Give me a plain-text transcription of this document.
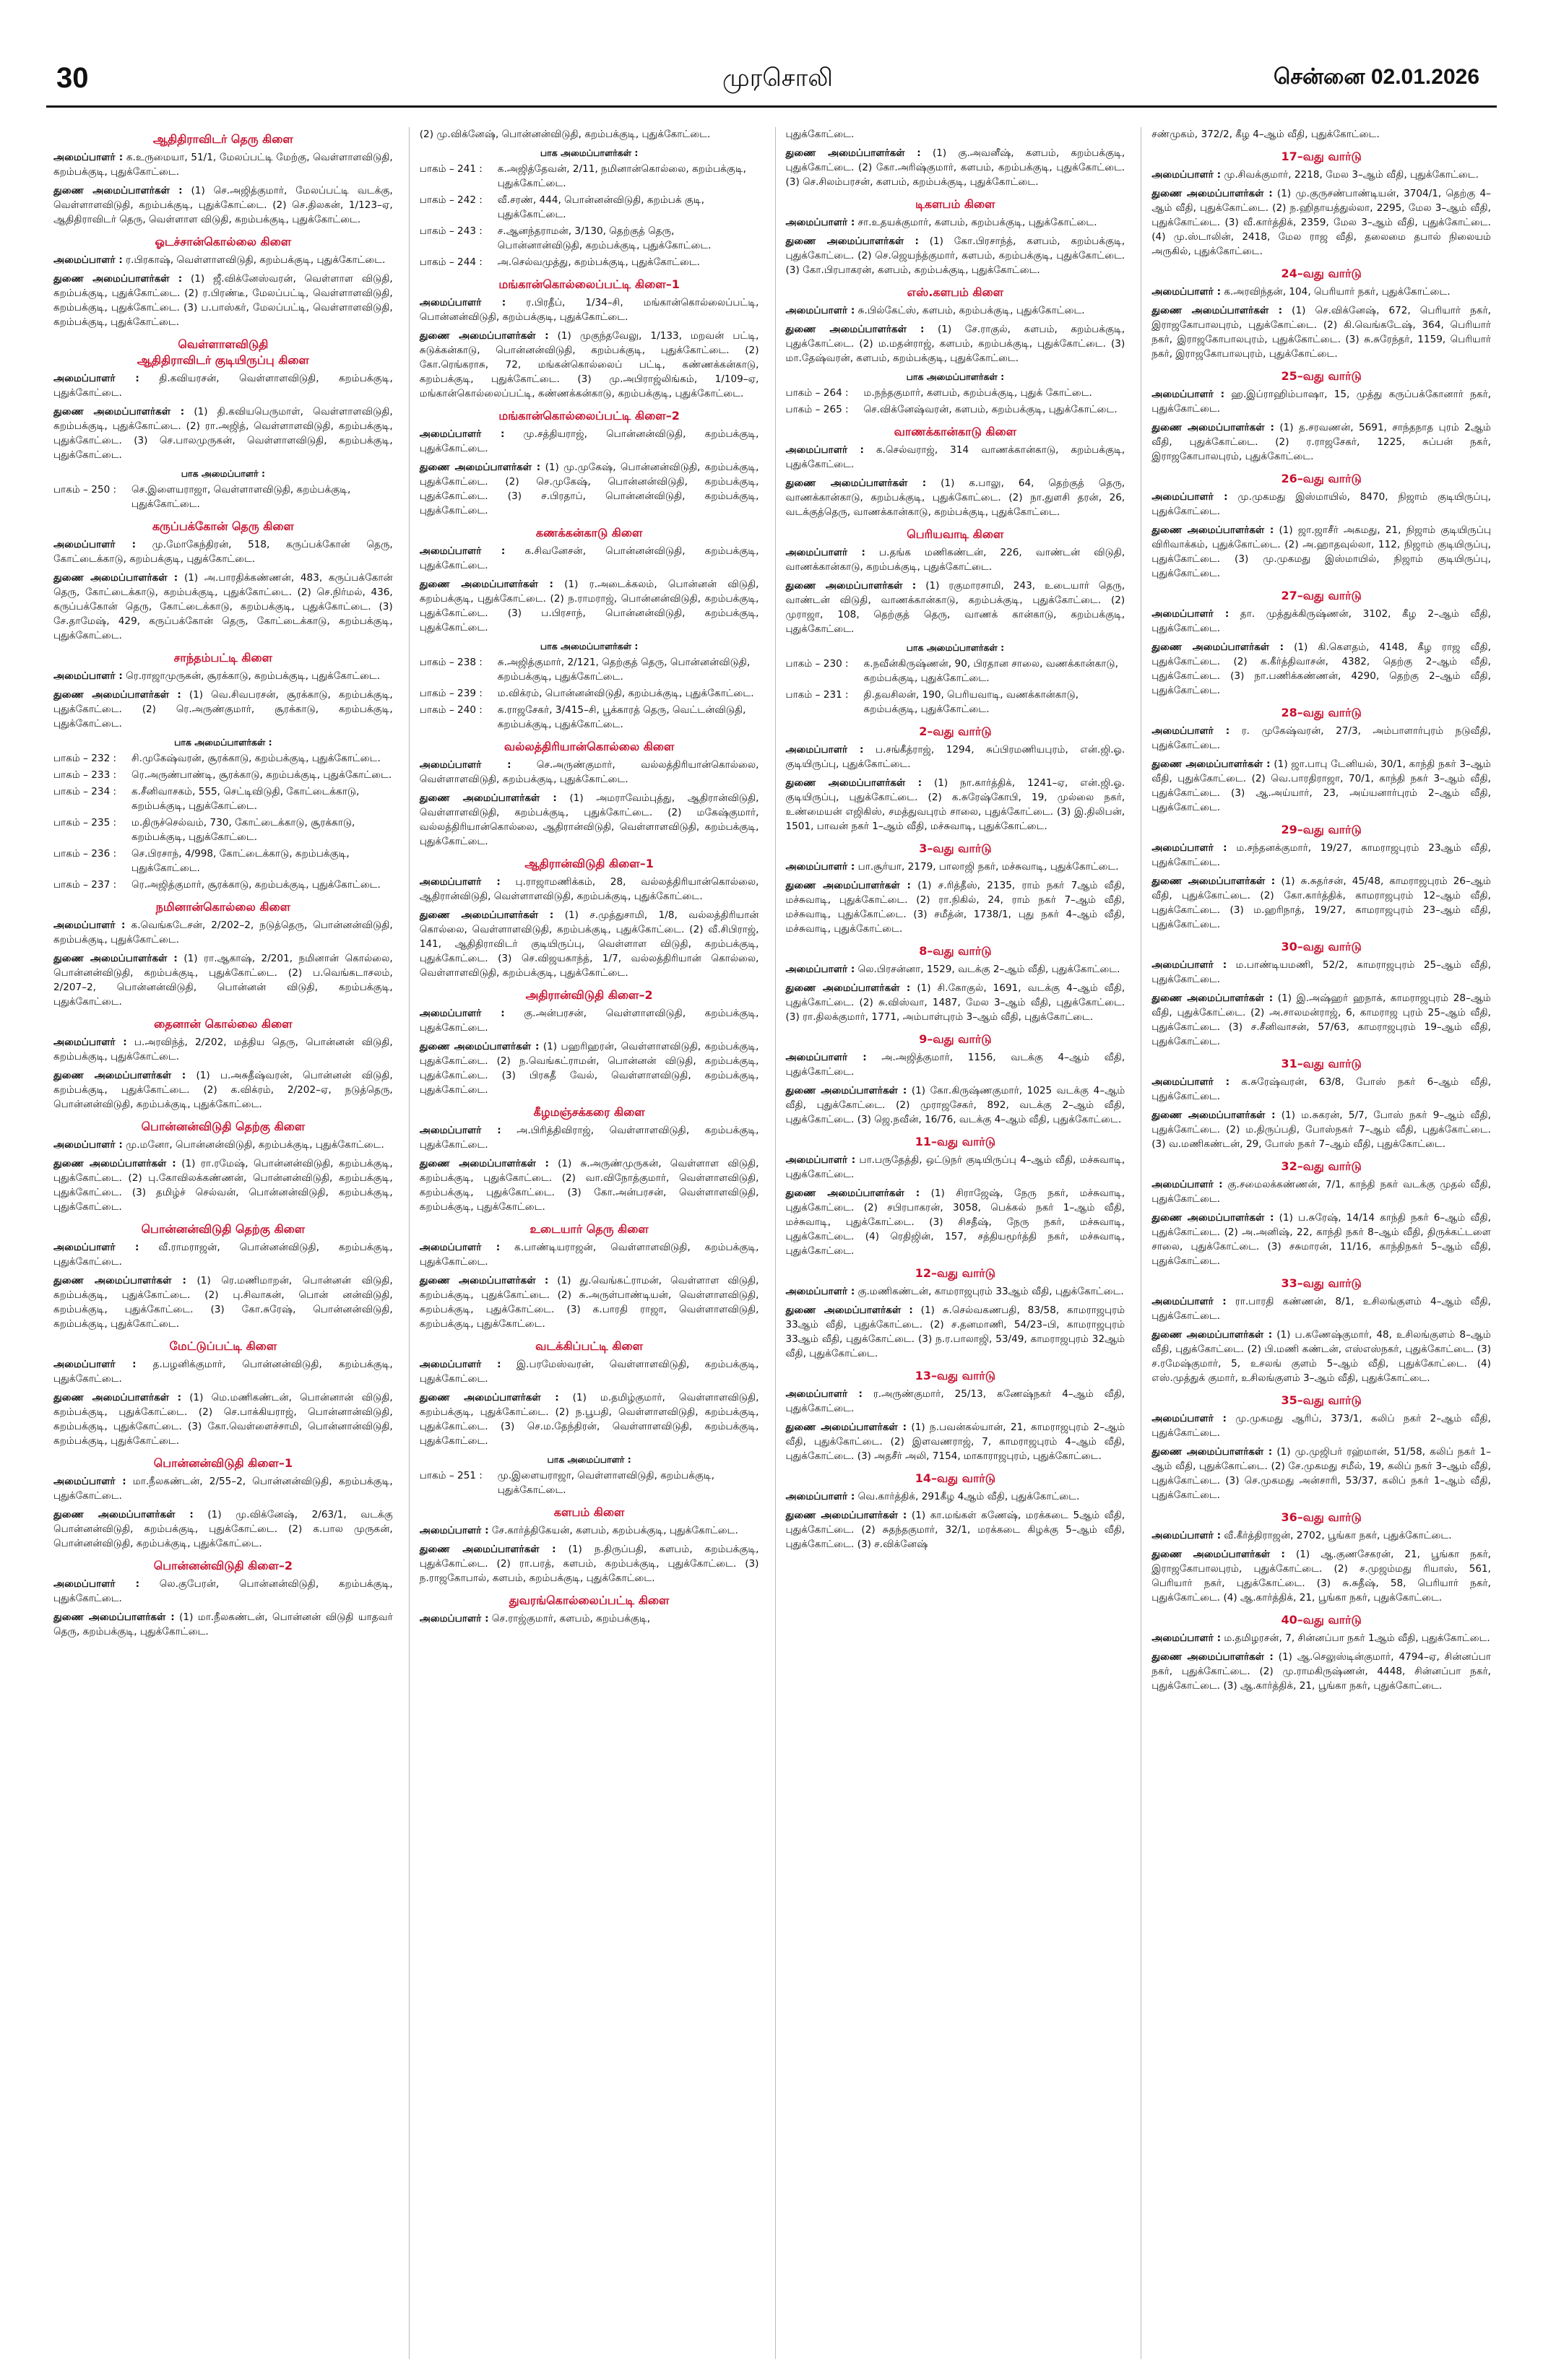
30	முரசொலி	சென்னை 02.01.2026
ஆதிதிராவிடர் தெரு கிளை
அமைப்பாளர் : க.உருமையா, 51/1, மேலப்பட்டி மேற்கு, வெள்ளாளவிடுதி, கறம்பக்குடி, புதுக்கோட்டை.
துணை அமைப்பாளர்கள் : (1) செ.அஜித்குமார், மேலப்பட்டி வடக்கு, வெள்ளாளவிடுதி, கறம்பக்குடி, புதுக்கோட்டை. (2) செ.திலகன், 1/123–ஏ, ஆதிதிராவிடர் தெரு, வெள்ளாள விடுதி, கறம்பக்குடி, புதுக்கோட்டை.
ஓடச்சான்கொல்லை கிளை
அமைப்பாளர் : ர.பிரகாஷ், வெள்ளாளவிடுதி, கறம்பக்குடி, புதுக்கோட்டை.
துணை அமைப்பாளர்கள் : (1) ஜீ.விக்னேஸ்வரன், வெள்ளாள விடுதி, கறம்பக்குடி, புதுக்கோட்டை. (2) ர.பிரண்டீ, மேலப்பட்டி, வெள்ளாளவிடுதி, கறம்பக்குடி, புதுக்கோட்டை. (3) ப.பாஸ்கர், மேலப்பட்டி, வெள்ளாளவிடுதி, கறம்பக்குடி, புதுக்கோட்டை.
வெள்ளாளவிடுதி
ஆதிதிராவிடர் குடியிருப்பு கிளை
அமைப்பாளர் : தி.கவியரசன், வெள்ளாளவிடுதி, கறம்பக்குடி, புதுக்கோட்டை.
துணை அமைப்பாளர்கள் : (1) தி.கவியபெருமாள், வெள்ளாளவிடுதி, கறம்பக்குடி, புதுக்கோட்டை. (2) ரா.அஜித், வெள்ளாளவிடுதி, கறம்பக்குடி, புதுக்கோட்டை. (3) செ.பாலமுருகன், வெள்ளாளவிடுதி, கறம்பக்குடி, புதுக்கோட்டை.
பாக அமைப்பாளர் :
பாகம் – 250 :	செ.இளையராஜா, வெள்ளாளவிடுதி, கறம்பக்குடி, புதுக்கோட்டை.
கருப்பக்கோன் தெரு கிளை
அமைப்பாளர் : மு.மோகேந்திரன், 518, கருப்பக்கோன் தெரு, கோட்டைக்காடு, கறம்பக்குடி, புதுக்கோட்டை.
துணை அமைப்பாளர்கள் : (1) அ.பாரதிக்கண்ணன், 483, கருப்பக்கோன் தெரு, கோட்டைக்காடு, கறம்பக்குடி, புதுக்கோட்டை. (2) செ.நிர்மல், 436, கருப்பக்கோன் தெரு, கோட்டைக்காடு, கறம்பக்குடி, புதுக்கோட்டை. (3) சே.தாமேஷ், 429, கருப்பக்கோன் தெரு, கோட்டைக்காடு, கறம்பக்குடி, புதுக்கோட்டை.
சாந்தம்பட்டி கிளை
அமைப்பாளர் : ரெ.ராஜாமுருகன், சூரக்காடு, கறம்பக்குடி, புதுக்கோட்டை.
துணை அமைப்பாளர்கள் : (1) வெ.சிவபரசன், சூரக்காடு, கறம்பக்குடி, புதுக்கோட்டை. (2) ரெ.அருண்குமார், சூரக்காடு, கறம்பக்குடி, புதுக்கோட்டை.
பாக அமைப்பாளர்கள் :
பாகம் – 232 :	சி.முகேஷ்வரன், சூரக்காடு, கறம்பக்குடி, புதுக்கோட்டை.
பாகம் – 233 :	ரெ.அருண்பாண்டி, சூரக்காடு, கறம்பக்குடி, புதுக்கோட்டை.
பாகம் – 234 :	க.சீனிவாசகம், 555, செட்டிவிடுதி, கோட்டைக்காடு, கறம்பக்குடி, புதுக்கோட்டை.
பாகம் – 235 :	ம.திருச்செல்வம், 730, கோட்டைக்காடு, சூரக்காடு, கறம்பக்குடி, புதுக்கோட்டை.
பாகம் – 236 :	செ.பிரசாந், 4/998, கோட்டைக்காடு, கறம்பக்குடி, புதுக்கோட்டை.
பாகம் – 237 :	ரெ.அஜித்குமார், சூரக்காடு, கறம்பக்குடி, புதுக்கோட்டை.
நமினான்கொல்லை கிளை
அமைப்பாளர் : க.வெங்கடேசன், 2/202–2, நடுத்தெரு, பொன்னன்விடுதி, கறம்பக்குடி, புதுக்கோட்டை.
துணை அமைப்பாளர்கள் : (1) ரா.ஆகாஷ், 2/201, நமினான் கொல்லை, பொன்னன்விடுதி, கறம்பக்குடி, புதுக்கோட்டை. (2) ப.வெங்கடாசலம், 2/207–2, பொன்னன்விடுதி, பொன்னன் விடுதி, கறம்பக்குடி, புதுக்கோட்டை.
தைனான் கொல்லை கிளை
அமைப்பாளர் : ப.அரவிந்த், 2/202, மத்திய தெரு, பொன்னன் விடுதி, கறம்பக்குடி, புதுக்கோட்டை.
துணை அமைப்பாளர்கள் : (1) ப.அசுதீஷ்வரன், பொன்னன் விடுதி, கறம்பக்குடி, புதுக்கோட்டை. (2) க.விக்ரம், 2/202–ஏ, நடுத்தெரு, பொன்னன்விடுதி, கறம்பக்குடி, புதுக்கோட்டை.
பொன்னன்விடுதி தெற்கு கிளை
அமைப்பாளர் : மு.மனோ, பொன்னன்விடுதி, கறம்பக்குடி, புதுக்கோட்டை.
துணை அமைப்பாளர்கள் : (1) ரா.ரமேஷ், பொன்னன்விடுதி, கறம்பக்குடி, புதுக்கோட்டை. (2) பு.கோவிலக்கண்ணன், பொன்னன்விடுதி, கறம்பக்குடி, புதுக்கோட்டை. (3) தமிழ்ச் செல்வன், பொன்னன்விடுதி, கறம்பக்குடி, புதுக்கோட்டை.
பொன்னன்விடுதி தெற்கு கிளை
அமைப்பாளர் : வீ.ராமராஜன், பொன்னன்விடுதி, கறம்பக்குடி, புதுக்கோட்டை.
துணை அமைப்பாளர்கள் : (1) ரெ.மணிமாறன், பொன்னன் விடுதி, கறம்பக்குடி, புதுக்கோட்டை. (2) பு.சிவாகன், பொன் னன்விடுதி, கறம்பக்குடி, புதுக்கோட்டை. (3) கோ.சுரேஷ், பொன்னன்விடுதி, கறம்பக்குடி, புதுக்கோட்டை.
மேட்டுப்பட்டி கிளை
அமைப்பாளர் : த.பழனிக்குமார், பொன்னன்விடுதி, கறம்பக்குடி, புதுக்கோட்டை.
துணை அமைப்பாளர்கள் : (1) மெ.மணிகண்டன், பொன்னான் விடுதி, கறம்பக்குடி, புதுக்கோட்டை. (2) செ.பாக்கியராஜ், பொன்னான்விடுதி, கறம்பக்குடி, புதுக்கோட்டை. (3) கோ.வெள்ளைச்சாமி, பொன்னான்விடுதி, கறம்பக்குடி, புதுக்கோட்டை.
பொன்னன்விடுதி கிளை–1
அமைப்பாளர் : மா.நீலகண்டன், 2/55–2, பொன்னன்விடுதி, கறம்பக்குடி, புதுக்கோட்டை.
துணை அமைப்பாளர்கள் : (1) மு.விக்னேஷ், 2/63/1, வடக்கு பொன்னன்விடுதி, கறம்பக்குடி, புதுக்கோட்டை. (2) க.பால முருகன், பொன்னன்விடுதி, கறம்பக்குடி, புதுக்கோட்டை.
பொன்னன்விடுதி கிளை–2
அமைப்பாளர் : லெ.குபேரன், பொன்னன்விடுதி, கறம்பக்குடி, புதுக்கோட்டை.
துணை அமைப்பாளர்கள் : (1) மா.நீலகண்டன், பொன்னன் விடுதி யாதவர் தெரு, கறம்பக்குடி, புதுக்கோட்டை.
(2) மு.விக்னேஷ், பொன்னன்விடுதி, கறம்பக்குடி, புதுக்கோட்டை.
பாக அமைப்பாளர்கள் :
பாகம் – 241 :	க.அஜித்தேவன், 2/11, நமினான்கொல்லை, கறம்பக்குடி, புதுக்கோட்டை.
பாகம் – 242 :	வீ.சரண், 444, பொன்னன்விடுதி, கறம்பக் குடி, புதுக்கோட்டை.
பாகம் – 243 :	ச.ஆனந்தராமன், 3/130, தெற்குத் தெரு, பொன்னான்விடுதி, கறம்பக்குடி, புதுக்கோட்டை.
பாகம் – 244 :	அ.செல்வமுத்து, கறம்பக்குடி, புதுக்கோட்டை.
மங்கான்கொல்லைப்பட்டி கிளை–1
அமைப்பாளர் : ர.பிரதீப், 1/34–சி, மங்கான்கொல்லைப்பட்டி, பொன்னன்விடுதி, கறம்பக்குடி, புதுக்கோட்டை.
துணை அமைப்பாளர்கள் : (1) முகுந்தவேலு, 1/133, மறவன் பட்டி, சுடுக்கன்காடு, பொன்னன்விடுதி, கறம்பக்குடி, புதுக்கோட்டை. (2) கோ.ரெங்கராசு, 72, மங்கன்கொல்லைப் பட்டி, கண்ணக்கன்காடு, கறம்பக்குடி, புதுக்கோட்டை. (3) மு.அபிராஜ்லிங்கம், 1/109–ஏ, மங்கான்கொல்லைப்பட்டி, கண்ணக்கன்காடு, கறம்பக்குடி, புதுக்கோட்டை.
மங்கான்கொல்லைப்பட்டி கிளை–2
அமைப்பாளர் : மு.சத்தியராஜ், பொன்னன்விடுதி, கறம்பக்குடி, புதுக்கோட்டை.
துணை அமைப்பாளர்கள் : (1) மு.முகேஷ், பொன்னன்விடுதி, கறம்பக்குடி, புதுக்கோட்டை. (2) செ.முகேஷ், பொன்னன்விடுதி, கறம்பக்குடி, புதுக்கோட்டை. (3) ச.பிரதாப், பொன்னன்விடுதி, கறம்பக்குடி, புதுக்கோட்டை.
கணக்கன்காடு கிளை
அமைப்பாளர் : க.சிவனேசன், பொன்னன்விடுதி, கறம்பக்குடி, புதுக்கோட்டை.
துணை அமைப்பாளர்கள் : (1) ர.அடைக்கலம், பொன்னன் விடுதி, கறம்பக்குடி, புதுக்கோட்டை. (2) ந.ராமராஜ், பொன்னன்விடுதி, கறம்பக்குடி, புதுக்கோட்டை. (3) ப.பிரசாந், பொன்னன்விடுதி, கறம்பக்குடி, புதுக்கோட்டை.
பாக அமைப்பாளர்கள் :
பாகம் – 238 :	சு.அஜித்குமார், 2/121, தெற்குத் தெரு, பொன்னன்விடுதி, கறம்பக்குடி, புதுக்கோட்டை.
பாகம் – 239 :	ம.விக்ரம், பொன்னன்விடுதி, கறம்பக்குடி, புதுக்கோட்டை.
பாகம் – 240 :	க.ராஜசேகர், 3/415–சி, பூக்காரத் தெரு, வெட்டன்விடுதி, கறம்பக்குடி, புதுக்கோட்டை.
வல்லத்திரியான்கொல்லை கிளை
அமைப்பாளர் :	செ.அருண்குமார், வல்லத்திரியான்கொல்லை, வெள்ளாளவிடுதி, கறம்பக்குடி, புதுக்கோட்டை.
துணை அமைப்பாளர்கள் : (1) அமராவேம்புத்து, ஆதிரான்விடுதி, வெள்ளாளவிடுதி, கறம்பக்குடி, புதுக்கோட்டை. (2) மகேஷ்குமார், வல்லத்திரியான்கொல்லை, ஆதிரான்விடுதி, வெள்ளாளவிடுதி, கறம்பக்குடி, புதுக்கோட்டை.
ஆதிரான்விடுதி கிளை–1
அமைப்பாளர் : பு.ராஜாமணிக்கம், 28, வல்லத்திரியான்கொல்லை, ஆதிரான்விடுதி, வெள்ளாளவிடுதி, கறம்பக்குடி, புதுக்கோட்டை.
துணை அமைப்பாளர்கள் : (1) ச.முத்துசாமி, 1/8, வல்லத்திரியான் கொல்லை, வெள்ளாளவிடுதி, கறம்பக்குடி, புதுக்கோட்டை. (2) வீ.சிபிராஜ், 141, ஆதிதிராவிடர் குடியிருப்பு, வெள்ளாள விடுதி, கறம்பக்குடி, புதுக்கோட்டை. (3) செ.விஜயகாந்த், 1/7, வல்லத்திரியான் கொல்லை, வெள்ளாளவிடுதி, கறம்பக்குடி, புதுக்கோட்டை.
அதிரான்விடுதி கிளை–2
அமைப்பாளர் : கு.அன்பரசன், வெள்ளாளவிடுதி, கறம்பக்குடி, புதுக்கோட்டை.
துணை அமைப்பாளர்கள் : (1) பஹரிஹரன், வெள்ளாளவிடுதி, கறம்பக்குடி, புதுக்கோட்டை. (2) ந.வெங்கட்ராமன், பொன்னன் விடுதி, கறம்பக்குடி, புதுக்கோட்டை. (3) பிரகதீ வேல், வெள்ளாளவிடுதி, கறம்பக்குடி, புதுக்கோட்டை.
கீழமஞ்சக்கரை கிளை
அமைப்பாளர் : அ.பிரித்திவிராஜ், வெள்ளாளவிடுதி, கறம்பக்குடி, புதுக்கோட்டை.
துணை அமைப்பாளர்கள் : (1) சு.அருண்முருகன், வெள்ளாள விடுதி, கறம்பக்குடி, புதுக்கோட்டை. (2) வா.விநோத்குமார், வெள்ளாளவிடுதி, கறம்பக்குடி, புதுக்கோட்டை. (3) கோ.அன்பரசன், வெள்ளாளவிடுதி, கறம்பக்குடி, புதுக்கோட்டை.
உடையார் தெரு கிளை
அமைப்பாளர் : க.பாண்டியராஜன், வெள்ளாளவிடுதி, கறம்பக்குடி, புதுக்கோட்டை.
துணை அமைப்பாளர்கள் : (1) து.வெங்கட்ராமன், வெள்ளாள விடுதி, கறம்பக்குடி, புதுக்கோட்டை. (2) சு.அருள்பாண்டியன், வெள்ளாளவிடுதி, கறம்பக்குடி, புதுக்கோட்டை. (3) க.பாரதி ராஜா, வெள்ளாளவிடுதி, கறம்பக்குடி, புதுக்கோட்டை.
வடக்கிப்பட்டி கிளை
அமைப்பாளர் : இ.பரமேஸ்வரன், வெள்ளாளவிடுதி, கறம்பக்குடி, புதுக்கோட்டை.
துணை அமைப்பாளர்கள் : (1) ம.தமிழ்குமார், வெள்ளாளவிடுதி, கறம்பக்குடி, புதுக்கோட்டை. (2) ந.பூபதி, வெள்ளாளவிடுதி, கறம்பக்குடி, புதுக்கோட்டை. (3) செ.ம.தேந்திரன், வெள்ளாளவிடுதி, கறம்பக்குடி, புதுக்கோட்டை.
பாக அமைப்பாளர் :
பாகம் – 251 :	மு.இளையராஜா, வெள்ளாளவிடுதி, கறம்பக்குடி, புதுக்கோட்டை.
களபம் கிளை
அமைப்பாளர் : சே.கார்த்திகேயன், களபம், கறம்பக்குடி, புதுக்கோட்டை.
துணை அமைப்பாளர்கள் : (1) ந.திருப்பதி, களபம், கறம்பக்குடி, புதுக்கோட்டை. (2) ரா.பரத், களபம், கறம்பக்குடி, புதுக்கோட்டை. (3) ந.ராஜகோபால், களபம், கறம்பக்குடி, புதுக்கோட்டை.
துவரங்கொல்லைப்பட்டி கிளை
அமைப்பாளர் : செ.ராஜ்குமார், களபம், கறம்பக்குடி,
புதுக்கோட்டை.
துணை அமைப்பாளர்கள் : (1) கு.அவனீஷ், களபம், கறம்பக்குடி, புதுக்கோட்டை. (2) கோ.அரிஷ்குமார், களபம், கறம்பக்குடி, புதுக்கோட்டை. (3) செ.சிலம்பரசன், களபம், கறம்பக்குடி, புதுக்கோட்டை.
டிகளபம் கிளை
அமைப்பாளர் : சா.உதயக்குமார், களபம், கறம்பக்குடி, புதுக்கோட்டை.
துணை அமைப்பாளர்கள் : (1) கோ.பிரசாந்த், களபம், கறம்பக்குடி, புதுக்கோட்டை. (2) செ.ஜெயந்த்குமார், களபம், கறம்பக்குடி, புதுக்கோட்டை. (3) கோ.பிரபாகரன், களபம், கறம்பக்குடி, புதுக்கோட்டை.
எஸ்.களபம் கிளை
அமைப்பாளர் : சு.பில்கேட்ஸ், களபம், கறம்பக்குடி, புதுக்கோட்டை.
துணை அமைப்பாளர்கள் : (1) சே.ராகுல், களபம், கறம்பக்குடி, புதுக்கோட்டை. (2) ம.மதன்ராஜ், களபம், கறம்பக்குடி, புதுக்கோட்டை. (3) மா.தேஷ்வரன், களபம், கறம்பக்குடி, புதுக்கோட்டை.
பாக அமைப்பாளர்கள் :
பாகம் – 264 :	ம.நந்தகுமார், களபம், கறம்பக்குடி, புதுக் கோட்டை.
பாகம் – 265 :	செ.விக்னேஷ்வரன், களபம், கறம்பக்குடி, புதுக்கோட்டை.
வாணக்கான்காடு கிளை
அமைப்பாளர் : க.செல்வராஜ், 314 வாணக்கான்காடு, கறம்பக்குடி, புதுக்கோட்டை.
துணை அமைப்பாளர்கள் : (1) க.பாலு, 64, தெற்குத் தெரு, வாணக்கான்காடு, கறம்பக்குடி, புதுக்கோட்டை. (2) நா.துளசி தரன், 26, வடக்குத்தெரு, வாணக்கான்காடு, கறம்பக்குடி, புதுக்கோட்டை.
பெரியவாடி கிளை
அமைப்பாளர் : ப.தங்க மணிகண்டன், 226, வாண்டன் விடுதி, வாணக்கான்காடு, கறம்பக்குடி, புதுக்கோட்டை.
துணை அமைப்பாளர்கள் : (1) ரகுமாரசாமி, 243, உடையார் தெரு, வாண்டன் விடுதி, வாணக்கான்காடு, கறம்பக்குடி, புதுக்கோட்டை. (2) முராஜா, 108, தெற்குத் தெரு, வாணக் கான்காடு, கறம்பக்குடி, புதுக்கோட்டை.
பாக அமைப்பாளர்கள் :
பாகம் – 230 :	க.நவீன்கிருஷ்ணன், 90, பிரதான சாலை, வணக்கான்காடு, கறம்பக்குடி, புதுக்கோட்டை.
பாகம் – 231 :	தி.தவசிலன், 190, பெரியவாடி, வணக்கான்காடு, கறம்பக்குடி, புதுக்கோட்டை.
2–வது வார்டு
அமைப்பாளர் : ப.சங்கீத்ராஜ், 1294, சுப்பிரமணியபுரம், என்.ஜி.ஓ. குடியிருப்பு, புதுக்கோட்டை.
துணை அமைப்பாளர்கள் : (1) நா.கார்த்திக், 1241–ஏ, என்.ஜி.ஓ. குடியிருப்பு, புதுக்கோட்டை. (2) க.சுரேஷ்கோபி, 19, முல்லை நகர், உண்மையன் எஜிகிஸ், சமத்துவபுரம் சாலை, புதுக்கோட்டை. (3) இ.திலிபன், 1501, பாவன் நகர் 1–ஆம் வீதி, மச்சுவாடி, புதுக்கோட்டை.
3–வது வார்டு
அமைப்பாளர் : பா.சூர்யா, 2179, பாலாஜி நகர், மச்சுவாடி, புதுக்கோட்டை.
துணை அமைப்பாளர்கள் : (1) ச.ரித்தீஸ், 2135, ராம் நகர் 7ஆம் வீதி, மச்சுவாடி, புதுக்கோட்டை. (2) ரா.நிகில், 24, ராம் நகர் 7–ஆம் வீதி, மச்சுவாடி, புதுக்கோட்டை. (3) சமீத்ன், 1738/1, புது நகர் 4–ஆம் வீதி, மச்சுவாடி, புதுக்கோட்டை.
8–வது வார்டு
அமைப்பாளர் : லெ.பிரசன்னா, 1529, வடக்கு 2–ஆம் வீதி, புதுக்கோட்டை.
துணை அமைப்பாளர்கள் : (1) சி.கோகுல், 1691, வடக்கு 4–ஆம் வீதி, புதுக்கோட்டை. (2) சு.விஸ்வா, 1487, மேல 3–ஆம் வீதி, புதுக்கோட்டை. (3) ரா.திலக்குமார், 1771, அம்பாள்புரம் 3–ஆம் வீதி, புதுக்கோட்டை.
9–வது வார்டு
அமைப்பாளர் : அ.அஜித்குமார், 1156, வடக்கு 4–ஆம் வீதி, புதுக்கோட்டை.
துணை அமைப்பாளர்கள் : (1) கோ.கிருஷ்ணகுமார், 1025 வடக்கு 4–ஆம் வீதி, புதுக்கோட்டை. (2) முராஜசேகர், 892, வடக்கு 2–ஆம் வீதி, புதுக்கோட்டை. (3) ஜெ.நவீன், 16/76, வடக்கு 4–ஆம் வீதி, புதுக்கோட்டை.
11–வது வார்டு
அமைப்பாளர் : பா.பருதேத்தி, ஒட்டுநர் குடியிருப்பு 4–ஆம் வீதி, மச்சுவாடி, புதுக்கோட்டை.
துணை அமைப்பாளர்கள் : (1) சிராஜேஷ், நேரு நகர், மச்சுவாடி, புதுக்கோட்டை. (2) சபிரபாகரன், 3058, பெக்கல் நகர் 1–ஆம் வீதி, மச்சுவாடி, புதுக்கோட்டை. (3) சிசதீஷ், நேரு நகர், மச்சுவாடி, புதுக்கோட்டை. (4) ரெதிஜின், 157, சத்தியமூர்த்தி நகர், மச்சுவாடி, புதுக்கோட்டை.
12–வது வார்டு
அமைப்பாளர் : கு.மணிகண்டன், காமராஜபுரம் 33ஆம் வீதி, புதுக்கோட்டை.
துணை அமைப்பாளர்கள் : (1) சு.செல்வகணபதி, 83/58, காமராஜபுரம் 33ஆம் வீதி, புதுக்கோட்டை. (2) ச.தனமாணி, 54/23–பி, காமராஜபுரம் 33ஆம் வீதி, புதுக்கோட்டை. (3) ந.ர.பாலாஜி, 53/49, காமராஜபுரம் 32ஆம் வீதி, புதுக்கோட்டை.
13–வது வார்டு
அமைப்பாளர் : ர.அருண்குமார், 25/13, கணேஷ்நகர் 4–ஆம் வீதி, புதுக்கோட்டை.
துணை அமைப்பாளர்கள் : (1) ந.பவன்கல்யான், 21, காமராஜபுரம் 2–ஆம் வீதி, புதுக்கோட்டை. (2) இளவணராஜ், 7, காமராஜபுரம் 4–ஆம் வீதி, புதுக்கோட்டை. (3) அதசீர் அலி, 7154, மாகாராஜபுரம், புதுக்கோட்டை.
14–வது வார்டு
அமைப்பாளர் : வெ.கார்த்திக், 291கீழ 4ஆம் வீதி, புதுக்கோட்டை.
துணை அமைப்பாளர்கள் : (1) கா.மங்கள் கணேஷ், மரக்கடை 5ஆம் வீதி, புதுக்கோட்டை. (2) சுதந்தகுமார், 32/1, மரக்கடை கிழக்கு 5–ஆம் வீதி, புதுக்கோட்டை. (3) ச.விக்னேஷ்
சண்முகம், 372/2, கீழ 4–ஆம் வீதி, புதுக்கோட்டை.
17–வது வார்டு
அமைப்பாளர் : மு.சிவக்குமார், 2218, மேல 3–ஆம் வீதி, புதுக்கோட்டை.
துணை அமைப்பாளர்கள் : (1) மு.குருசண்பாண்டியன், 3704/1, தெற்கு 4–ஆம் வீதி, புதுக்கோட்டை. (2) ந.ஹிதாயத்துல்லா, 2295, மேல 3–ஆம் வீதி, புதுக்கோட்டை. (3) வீ.கார்த்திக், 2359, மேல 3–ஆம் வீதி, புதுக்கோட்டை. (4) மு.ஸ்டாலின், 2418, மேல ராஜ வீதி, தலைமை தபால் நிலையம் அருகில், புதுக்கோட்டை.
24–வது வார்டு
அமைப்பாளர் : க.அரவிந்தன், 104, பெரியார் நகர், புதுக்கோட்டை.
துணை அமைப்பாளர்கள் : (1) செ.விக்னேஷ், 672, பெரியார் நகர், இராஜகோபாலபுரம், புதுக்கோட்டை. (2) கி.வெங்கடேஷ், 364, பெரியார் நகர், இராஜகோபாலபுரம், புதுக்கோட்டை. (3) சு.சுரேந்தர், 1159, பெரியார் நகர், இராஜகோபாலபுரம், புதுக்கோட்டை.
25–வது வார்டு
அமைப்பாளர் : ஹ.இப்ராஹிம்பாஷா, 15, முத்து கருப்பக்கோனார் நகர், புதுக்கோட்டை.
துணை அமைப்பாளர்கள் : (1) த.சரவணன், 5691, சாந்தநாத புரம் 2ஆம் வீதி, புதுக்கோட்டை. (2) ர.ராஜசேகர், 1225, சுப்பன் நகர், இராஜகோபாலபுரம், புதுக்கோட்டை.
26–வது வார்டு
அமைப்பாளர் : மு.முகமது இஸ்மாயில், 8470, நிஜாம் குடியிருப்பு, புதுக்கோட்டை.
துணை அமைப்பாளர்கள் : (1) ஜா.ஜாசீர் அகமது, 21, நிஜாம் குடியிருப்பு விரிவாக்கம், புதுக்கோட்டை. (2) அ.ஹாதவுல்லா, 112, நிஜாம் குடியிருப்பு, புதுக்கோட்டை. (3) மு.முகமது இஸ்மாயில், நிஜாம் குடியிருப்பு, புதுக்கோட்டை.
27–வது வார்டு
அமைப்பாளர் : தா. முத்துக்கிருஷ்ணன், 3102, கீழ 2–ஆம் வீதி, புதுக்கோட்டை.
துணை அமைப்பாளர்கள் : (1) கி.கௌதம், 4148, கீழ ராஜ வீதி, புதுக்கோட்டை. (2) க.கீர்த்திவாசன், 4382, தெற்கு 2–ஆம் வீதி, புதுக்கோட்டை. (3) நா.பணிக்கண்ணன், 4290, தெற்கு 2–ஆம் வீதி, புதுக்கோட்டை.
28–வது வார்டு
அமைப்பாளர் : ர. முகேஷ்வரன், 27/3, அம்பாளார்புரம் நடுவீதி, புதுக்கோட்டை.
துணை அமைப்பாளர்கள் : (1) ஜா.பாபு டேனியல், 30/1, காந்தி நகர் 3–ஆம் வீதி, புதுக்கோட்டை. (2) வெ.பாரதிராஜா, 70/1, காந்தி நகர் 3–ஆம் வீதி, புதுக்கோட்டை. (3) ஆ.அய்யார், 23, அய்யனார்புரம் 2–ஆம் வீதி, புதுக்கோட்டை.
29–வது வார்டு
அமைப்பாளர் : ம.சந்தனக்குமார், 19/27, காமராஜபுரம் 23ஆம் வீதி, புதுக்கோட்டை.
துணை அமைப்பாளர்கள் : (1) சு.சுதர்சன், 45/48, காமராஜபுரம் 26–ஆம் வீதி, புதுக்கோட்டை. (2) கோ.கார்த்திக், காமராஜபுரம் 12–ஆம் வீதி, புதுக்கோட்டை. (3) ம.ஹரிநாத், 19/27, காமராஜபுரம் 23–ஆம் வீதி, புதுக்கோட்டை.
30–வது வார்டு
அமைப்பாளர் : ம.பாண்டியமணி, 52/2, காமராஜபுரம் 25–ஆம் வீதி, புதுக்கோட்டை.
துணை அமைப்பாளர்கள் : (1) இ.அஷ்ஹர் ஹநாக், காமராஜபுரம் 28–ஆம் வீதி, புதுக்கோட்டை. (2) அ.சாலமன்ராஜ், 6, காமராஜ புரம் 25–ஆம் வீதி, புதுக்கோட்டை. (3) ச.சீனிவாசன், 57/63, காமராஜபுரம் 19–ஆம் வீதி, புதுக்கோட்டை.
31–வது வார்டு
அமைப்பாளர் : க.சுரேஷ்வரன், 63/8, போஸ் நகர் 6–ஆம் வீதி, புதுக்கோட்டை.
துணை அமைப்பாளர்கள் : (1) ம.சுகரன், 5/7, போஸ் நகர் 9–ஆம் வீதி, புதுக்கோட்டை. (2) ம.திருப்பதி, போஸ்நகர் 7–ஆம் வீதி, புதுக்கோட்டை. (3) வ.மணிகண்டன், 29, போஸ் நகர் 7–ஆம் வீதி, புதுக்கோட்டை.
32–வது வார்டு
அமைப்பாளர் : கு.சமைலக்கண்ணன், 7/1, காந்தி நகர் வடக்கு முதல் வீதி, புதுக்கோட்டை.
துணை அமைப்பாளர்கள் : (1) ப.சுரேஷ், 14/14 காந்தி நகர் 6–ஆம் வீதி, புதுக்கோட்டை. (2) அ.அனிஷ், 22, காந்தி நகர் 8–ஆம் வீதி, திருக்கட்டளை சாலை, புதுக்கோட்டை. (3) சசுமாரன், 11/16, காந்திநகர் 5–ஆம் வீதி, புதுக்கோட்டை.
33–வது வார்டு
அமைப்பாளர் : ரா.பாரதி கண்ணன், 8/1, உசிலங்குளம் 4–ஆம் வீதி, புதுக்கோட்டை.
துணை அமைப்பாளர்கள் : (1) ப.கணேஷ்குமார், 48, உசிலங்குளம் 8–ஆம் வீதி, புதுக்கோட்டை. (2) பி.மணி கண்டன், எஸ்எஸ்நகர், புதுக்கோட்டை. (3) ச.ரமேஷ்குமார், 5, உசலங் குளம் 5–ஆம் வீதி, புதுக்கோட்டை. (4) எஸ்.முத்துக் குமார், உசிலங்குளம் 3–ஆம் வீதி, புதுக்கோட்டை.
35–வது வார்டு
அமைப்பாளர் : மு.முகமது ஆரிப், 373/1, கலிப் நகர் 2–ஆம் வீதி, புதுக்கோட்டை.
துணை அமைப்பாளர்கள் : (1) மு.முஜிபர் ரஹ்மான், 51/58, கலிப் நகர் 1–ஆம் வீதி, புதுக்கோட்டை. (2) சே.முகமது சமீல், 19, கலிப் நகர் 3–ஆம் வீதி, புதுக்கோட்டை. (3) செ.முகமது அன்சாரி, 53/37, கலிப் நகர் 1–ஆம் வீதி, புதுக்கோட்டை.
36–வது வார்டு
அமைப்பாளர் : வீ.கீர்த்திராஜன், 2702, பூங்கா நகர், புதுக்கோட்டை.
துணை அமைப்பாளர்கள் : (1) ஆ.குணசேகரன், 21, பூங்கா நகர், இராஜகோபாலபுரம், புதுக்கோட்டை. (2) ச.முஜம்மது ரியாஸ், 561, பெரியார் நகர், புதுக்கோட்டை. (3) சு.சுதீஷ், 58, பெரியார் நகர், புதுக்கோட்டை. (4) ஆ.கார்த்திக், 21, பூங்கா நகர், புதுக்கோட்டை.
40–வது வார்டு
அமைப்பாளர் : ம.தமிழரசன், 7, சின்னப்பா நகர் 1ஆம் வீதி, புதுக்கோட்டை.
துணை அமைப்பாளர்கள் : (1) ஆ.செலுஸ்டின்குமார், 4794–ஏ, சின்னப்பா நகர், புதுக்கோட்டை. (2) மு.ராமகிருஷ்ணன், 4448, சின்னப்பா நகர், புதுக்கோட்டை. (3) ஆ.கார்த்திக், 21, பூங்கா நகர், புதுக்கோட்டை.
